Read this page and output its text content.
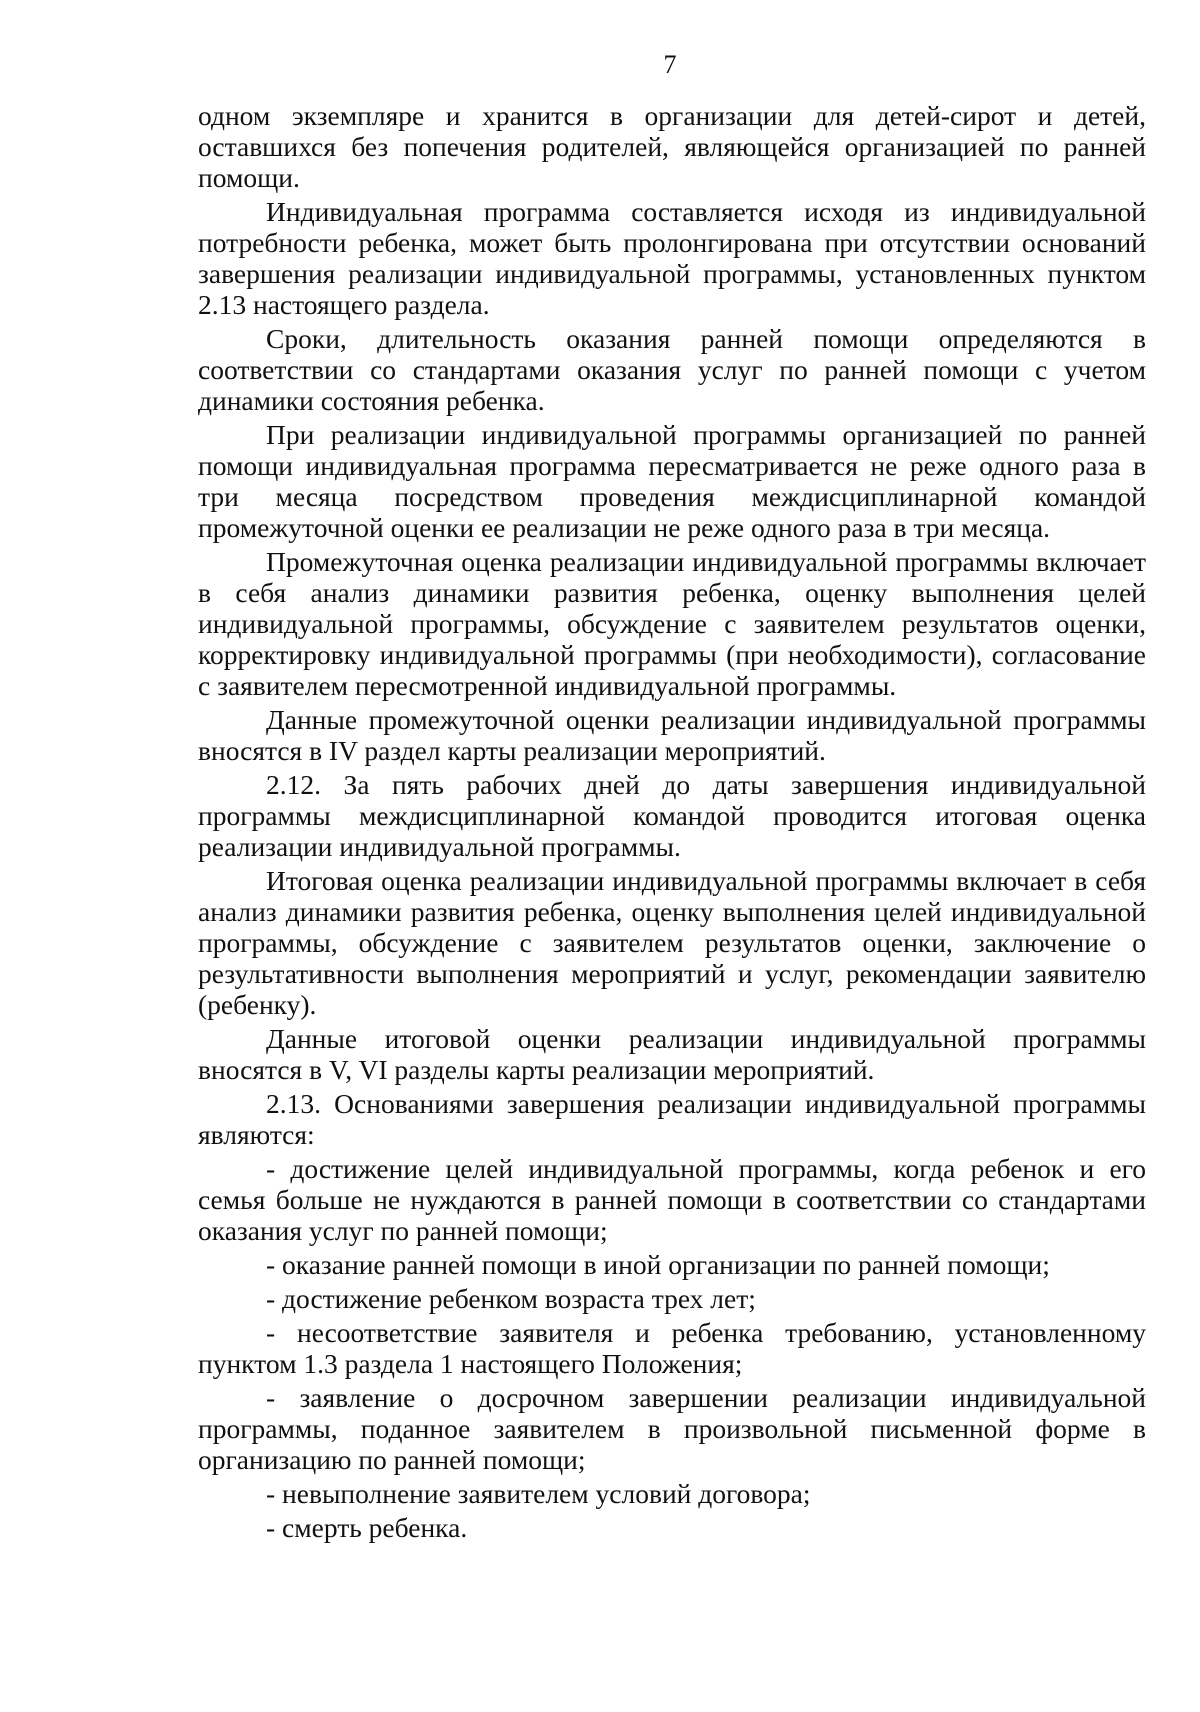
7

одном экземпляре и хранится в организации для детей-сирот и детей, оставшихся без попечения родителей, являющейся организацией по ранней помощи.

Индивидуальная программа составляется исходя из индивидуальной потребности ребенка, может быть пролонгирована при отсутствии оснований завершения реализации индивидуальной программы, установленных пунктом 2.13 настоящего раздела.

Сроки, длительность оказания ранней помощи определяются в соответствии со стандартами оказания услуг по ранней помощи с учетом динамики состояния ребенка.

При реализации индивидуальной программы организацией по ранней помощи индивидуальная программа пересматривается не реже одного раза в три месяца посредством проведения междисциплинарной командой промежуточной оценки ее реализации не реже одного раза в три месяца.

Промежуточная оценка реализации индивидуальной программы включает в себя анализ динамики развития ребенка, оценку выполнения целей индивидуальной программы, обсуждение с заявителем результатов оценки, корректировку индивидуальной программы (при необходимости), согласование с заявителем пересмотренной индивидуальной программы.

Данные промежуточной оценки реализации индивидуальной программы вносятся в IV раздел карты реализации мероприятий.

2.12. За пять рабочих дней до даты завершения индивидуальной программы междисциплинарной командой проводится итоговая оценка реализации индивидуальной программы.

Итоговая оценка реализации индивидуальной программы включает в себя анализ динамики развития ребенка, оценку выполнения целей индивидуальной программы, обсуждение с заявителем результатов оценки, заключение о результативности выполнения мероприятий и услуг, рекомендации заявителю (ребенку).

Данные итоговой оценки реализации индивидуальной программы вносятся в V, VI разделы карты реализации мероприятий.

2.13. Основаниями завершения реализации индивидуальной программы являются:

- достижение целей индивидуальной программы, когда ребенок и его семья больше не нуждаются в ранней помощи в соответствии со стандартами оказания услуг по ранней помощи;

- оказание ранней помощи в иной организации по ранней помощи;

- достижение ребенком возраста трех лет;

- несоответствие заявителя и ребенка требованию, установленному пунктом 1.3 раздела 1 настоящего Положения;

- заявление о досрочном завершении реализации индивидуальной программы, поданное заявителем в произвольной письменной форме в организацию по ранней помощи;

- невыполнение заявителем условий договора;

- смерть ребенка.
